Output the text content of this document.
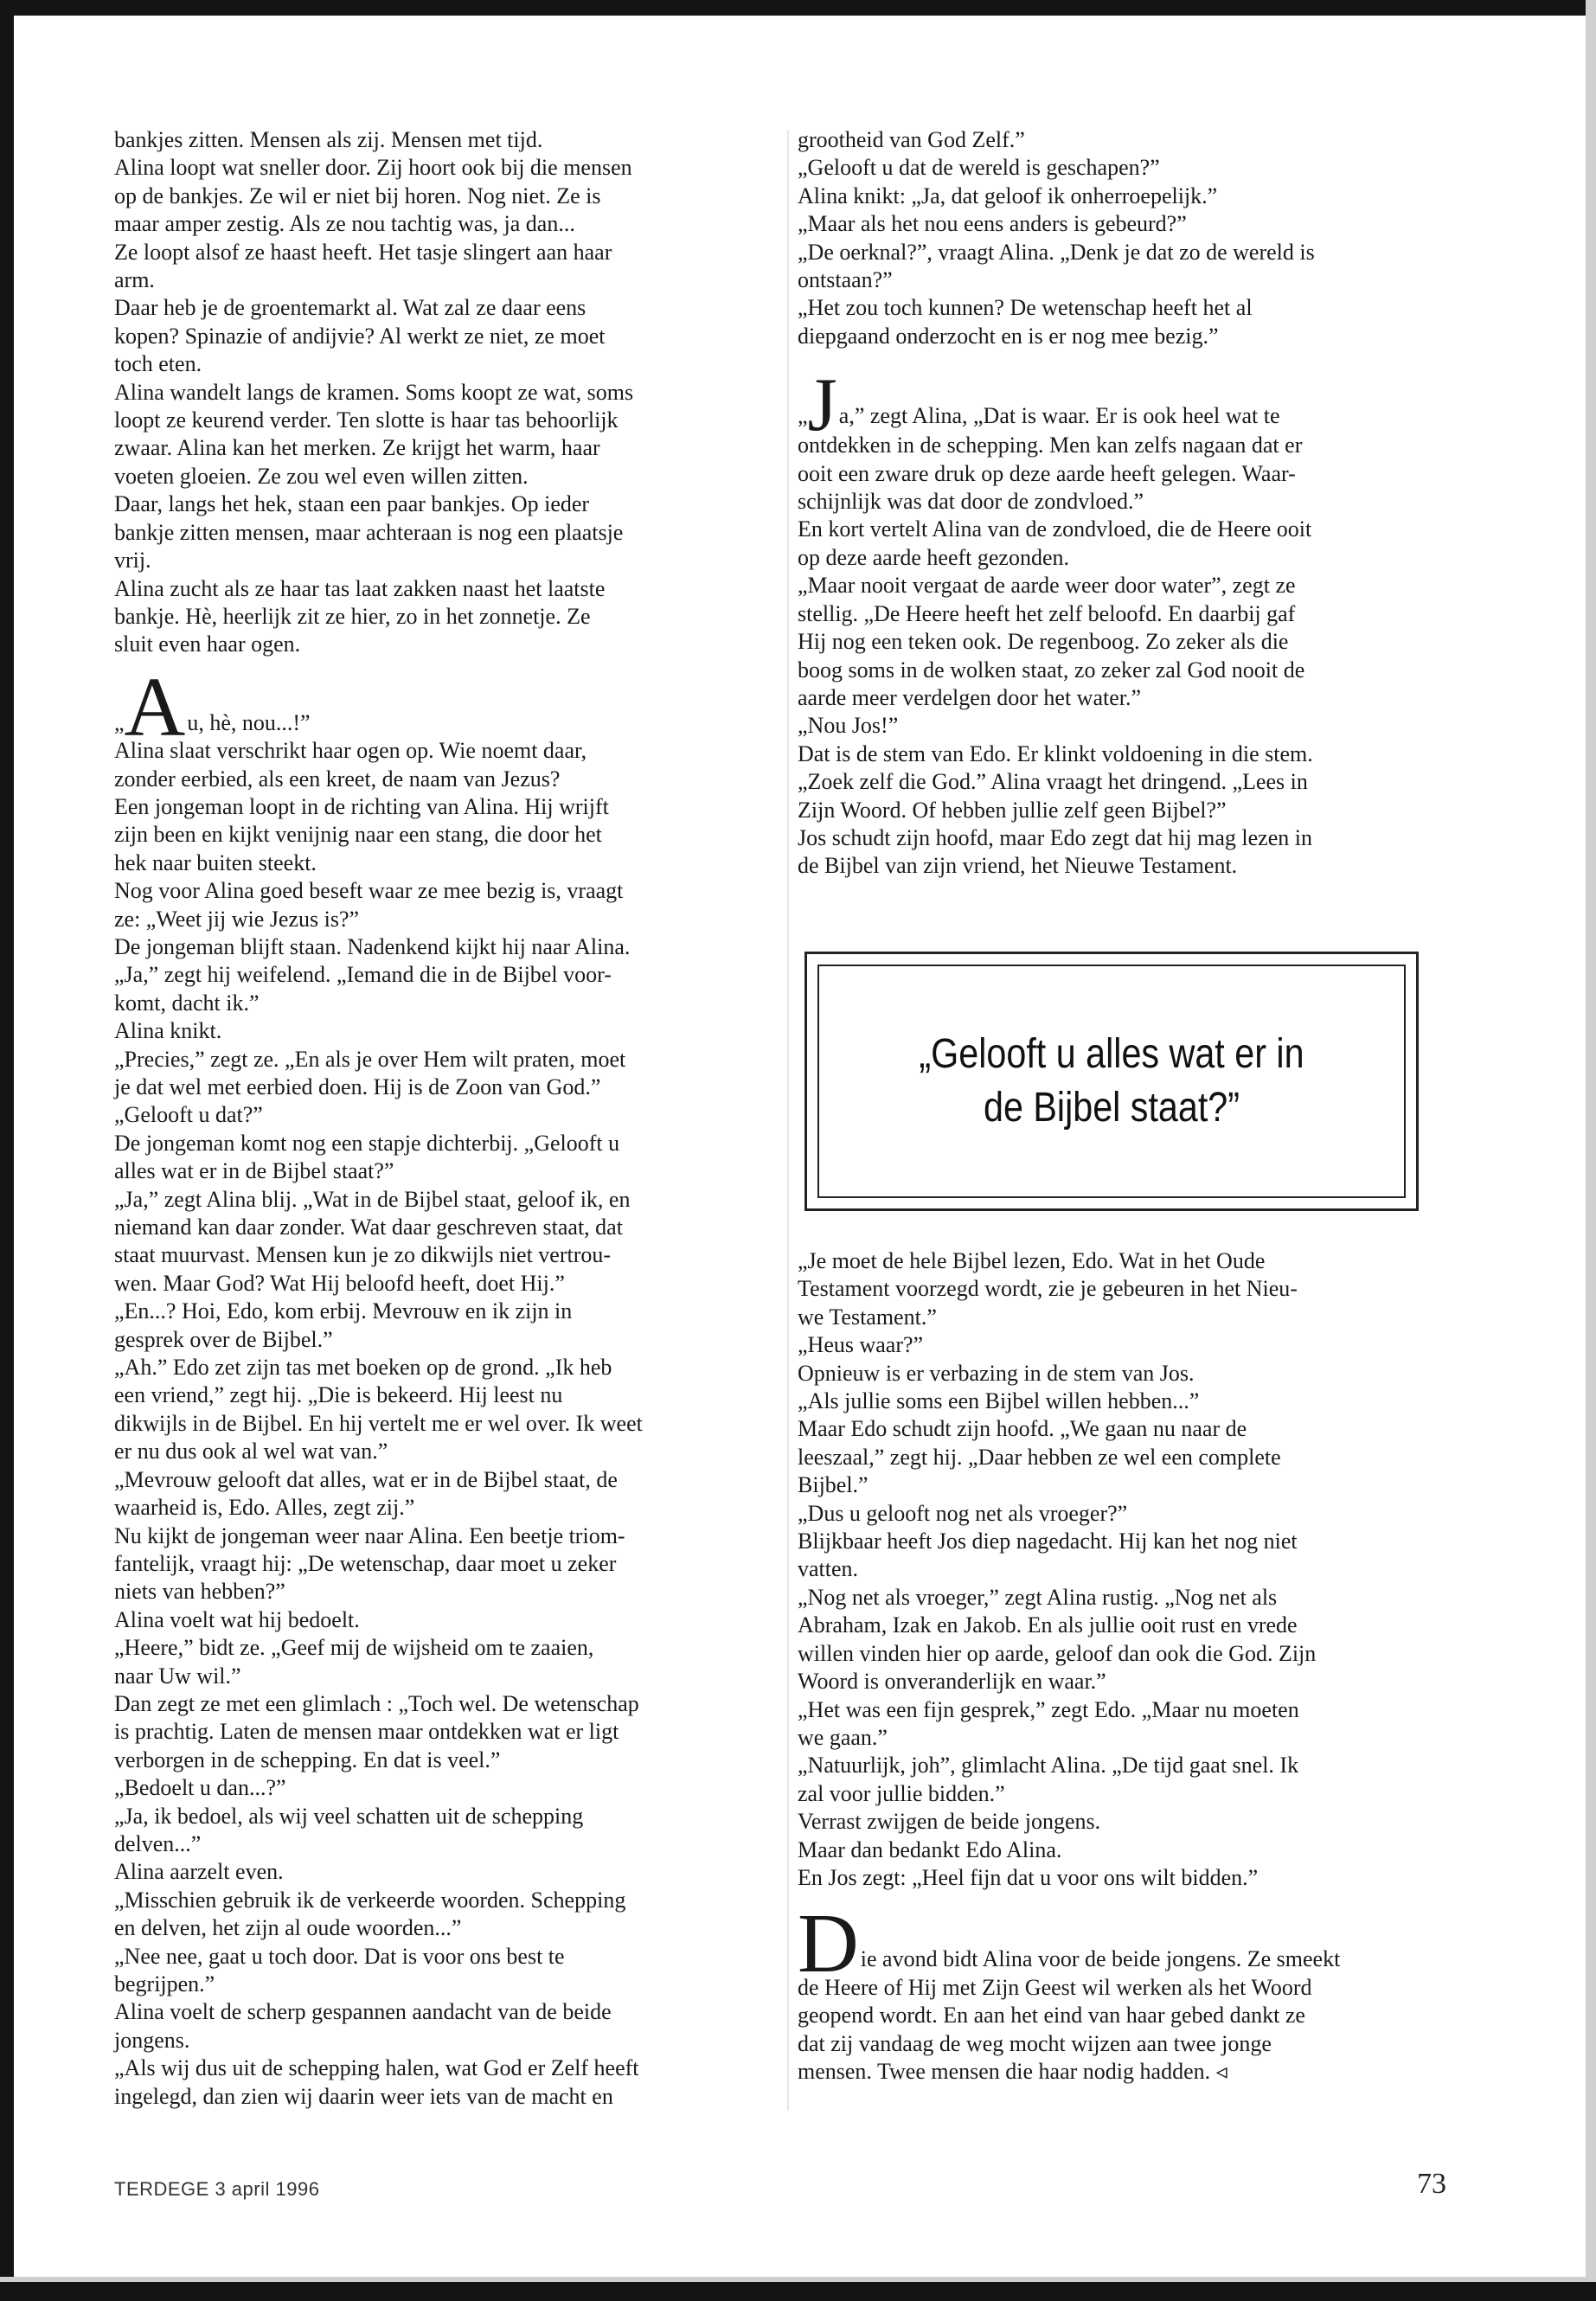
bankjes zitten. Mensen als zij. Mensen met tijd.

Alina loopt wat sneller door. Zij hoort ook bij die mensen

op de bankjes. Ze wil er niet bij horen. Nog niet. Ze is

maar amper zestig. Als ze nou tachtig was, ja dan...

Ze loopt alsof ze haast heeft. Het tasje slingert aan haar

arm.

Daar heb je de groentemarkt al. Wat zal ze daar eens

kopen? Spinazie of andijvie? Al werkt ze niet, ze moet

toch eten.

Alina wandelt langs de kramen. Soms koopt ze wat, soms

loopt ze keurend verder. Ten slotte is haar tas behoorlijk

zwaar. Alina kan het merken. Ze krijgt het warm, haar

voeten gloeien. Ze zou wel even willen zitten.

Daar, langs het hek, staan een paar bankjes. Op ieder

bankje zitten mensen, maar achteraan is nog een plaatsje

vrij.

Alina zucht als ze haar tas laat zakken naast het laatste

bankje. Hè, heerlijk zit ze hier, zo in het zonnetje. Ze

sluit even haar ogen.

„Au, hè, nou...!”

Alina slaat verschrikt haar ogen op. Wie noemt daar,

zonder eerbied, als een kreet, de naam van Jezus?

Een jongeman loopt in de richting van Alina. Hij wrijft

zijn been en kijkt venijnig naar een stang, die door het

hek naar buiten steekt.

Nog voor Alina goed beseft waar ze mee bezig is, vraagt

ze: „Weet jij wie Jezus is?”

De jongeman blijft staan. Nadenkend kijkt hij naar Alina.

„Ja,” zegt hij weifelend. „Iemand die in de Bijbel voor-

komt, dacht ik.”

Alina knikt.

„Precies,” zegt ze. „En als je over Hem wilt praten, moet

je dat wel met eerbied doen. Hij is de Zoon van God.”

„Gelooft u dat?”

De jongeman komt nog een stapje dichterbij. „Gelooft u

alles wat er in de Bijbel staat?”

„Ja,” zegt Alina blij. „Wat in de Bijbel staat, geloof ik, en

niemand kan daar zonder. Wat daar geschreven staat, dat

staat muurvast. Mensen kun je zo dikwijls niet vertrou-

wen. Maar God? Wat Hij beloofd heeft, doet Hij.”

„En...? Hoi, Edo, kom erbij. Mevrouw en ik zijn in

gesprek over de Bijbel.”

„Ah.” Edo zet zijn tas met boeken op de grond. „Ik heb

een vriend,” zegt hij. „Die is bekeerd. Hij leest nu

dikwijls in de Bijbel. En hij vertelt me er wel over. Ik weet

er nu dus ook al wel wat van.”

„Mevrouw gelooft dat alles, wat er in de Bijbel staat, de

waarheid is, Edo. Alles, zegt zij.”

Nu kijkt de jongeman weer naar Alina. Een beetje triom-

fantelijk, vraagt hij: „De wetenschap, daar moet u zeker

niets van hebben?”

Alina voelt wat hij bedoelt.

„Heere,” bidt ze. „Geef mij de wijsheid om te zaaien,

naar Uw wil.”

Dan zegt ze met een glimlach : „Toch wel. De wetenschap

is prachtig. Laten de mensen maar ontdekken wat er ligt

verborgen in de schepping. En dat is veel.”

„Bedoelt u dan...?”

„Ja, ik bedoel, als wij veel schatten uit de schepping

delven...”

Alina aarzelt even.

„Misschien gebruik ik de verkeerde woorden. Schepping

en delven, het zijn al oude woorden...”

„Nee nee, gaat u toch door. Dat is voor ons best te

begrijpen.”

Alina voelt de scherp gespannen aandacht van de beide

jongens.

„Als wij dus uit de schepping halen, wat God er Zelf heeft

ingelegd, dan zien wij daarin weer iets van de macht en

grootheid van God Zelf.”

„Gelooft u dat de wereld is geschapen?”

Alina knikt: „Ja, dat geloof ik onherroepelijk.”

„Maar als het nou eens anders is gebeurd?”

„De oerknal?”, vraagt Alina. „Denk je dat zo de wereld is

ontstaan?”

„Het zou toch kunnen? De wetenschap heeft het al

diepgaand onderzocht en is er nog mee bezig.”

„Ja,” zegt Alina, „Dat is waar. Er is ook heel wat te

ontdekken in de schepping. Men kan zelfs nagaan dat er

ooit een zware druk op deze aarde heeft gelegen. Waar-

schijnlijk was dat door de zondvloed.”

En kort vertelt Alina van de zondvloed, die de Heere ooit

op deze aarde heeft gezonden.

„Maar nooit vergaat de aarde weer door water”, zegt ze

stellig. „De Heere heeft het zelf beloofd. En daarbij gaf

Hij nog een teken ook. De regenboog. Zo zeker als die

boog soms in de wolken staat, zo zeker zal God nooit de

aarde meer verdelgen door het water.”

„Nou Jos!”

Dat is de stem van Edo. Er klinkt voldoening in die stem.

„Zoek zelf die God.” Alina vraagt het dringend. „Lees in

Zijn Woord. Of hebben jullie zelf geen Bijbel?”

Jos schudt zijn hoofd, maar Edo zegt dat hij mag lezen in

de Bijbel van zijn vriend, het Nieuwe Testament.

„Gelooft u alles wat er in de Bijbel staat?”

„Je moet de hele Bijbel lezen, Edo. Wat in het Oude

Testament voorzegd wordt, zie je gebeuren in het Nieu-

we Testament.”

„Heus waar?”

Opnieuw is er verbazing in de stem van Jos.

„Als jullie soms een Bijbel willen hebben...”

Maar Edo schudt zijn hoofd. „We gaan nu naar de

leeszaal,” zegt hij. „Daar hebben ze wel een complete

Bijbel.”

„Dus u gelooft nog net als vroeger?”

Blijkbaar heeft Jos diep nagedacht. Hij kan het nog niet

vatten.

„Nog net als vroeger,” zegt Alina rustig. „Nog net als

Abraham, Izak en Jakob. En als jullie ooit rust en vrede

willen vinden hier op aarde, geloof dan ook die God. Zijn

Woord is onveranderlijk en waar.”

„Het was een fijn gesprek,” zegt Edo. „Maar nu moeten

we gaan.”

„Natuurlijk, joh”, glimlacht Alina. „De tijd gaat snel. Ik

zal voor jullie bidden.”

Verrast zwijgen de beide jongens.

Maar dan bedankt Edo Alina.

En Jos zegt: „Heel fijn dat u voor ons wilt bidden.”

Die avond bidt Alina voor de beide jongens. Ze smeekt

de Heere of Hij met Zijn Geest wil werken als het Woord

geopend wordt. En aan het eind van haar gebed dankt ze

dat zij vandaag de weg mocht wijzen aan twee jonge

mensen. Twee mensen die haar nodig hadden. ◃

TERDEGE 3 april 1996	73
